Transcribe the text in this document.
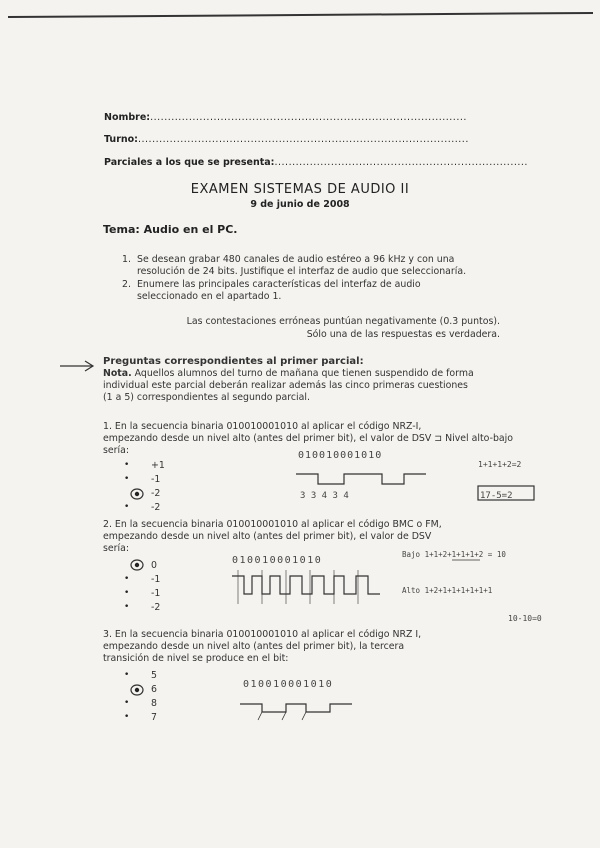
Nombre:..........................................................................................
Turno:..............................................................................................
Parciales a los que se presenta:........................................................................
EXAMEN SISTEMAS DE AUDIO II
9 de junio de 2008
Tema: Audio en el PC.
1. Se desean grabar 480 canales de audio estéreo a 96 kHz y con una
resolución de 24 bits. Justifique el interfaz de audio que seleccionaría.
2. Enumere las principales características del interfaz de audio
seleccionado en el apartado 1.
Las contestaciones erróneas puntúan negativamente (0.3 puntos).
Sólo una de las respuestas es verdadera.
Preguntas correspondientes al primer parcial:
Nota. Aquellos alumnos del turno de mañana que tienen suspendido de forma
individual este parcial deberán realizar además las cinco primeras cuestiones
(1 a 5) correspondientes al segundo parcial.
1. En la secuencia binaria 010010001010 al aplicar el código NRZ-I,
empezando desde un nivel alto (antes del primer bit), el valor de DSV ⊐ Nivel alto-bajo
sería:
• +1
• -1
-2
• -2
010010001010
3 3 4 3 4
1+1+1+2=2
17-5=2
2. En la secuencia binaria 010010001010 al aplicar el código BMC o FM,
empezando desde un nivel alto (antes del primer bit), el valor de DSV
sería:
0
• -1
• -1
• -2
010010001010
Bajo 1+1+2+1+1+1+2 = 10
Alto 1+2+1+1+1+1+1+1
10-10=0
3. En la secuencia binaria 010010001010 al aplicar el código NRZ I,
empezando desde un nivel alto (antes del primer bit), la tercera
transición de nivel se produce en el bit:
• 5
6
• 8
• 7
010010001010
